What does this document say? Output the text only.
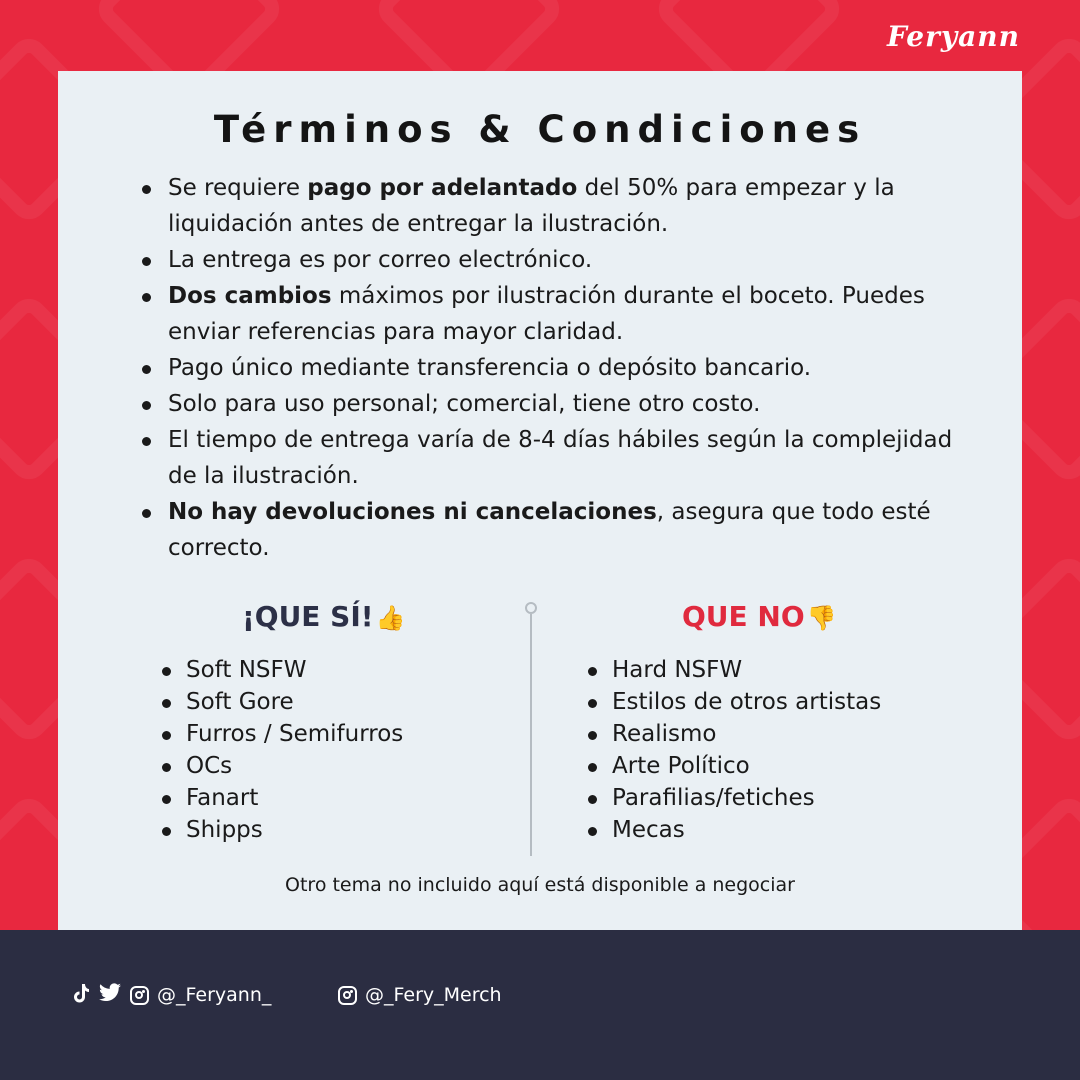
Feryann
Términos & Condiciones
Se requiere pago por adelantado del 50% para empezar y la liquidación antes de entregar la ilustración.
La entrega es por correo electrónico.
Dos cambios máximos por ilustración durante el boceto. Puedes enviar referencias para mayor claridad.
Pago único mediante transferencia o depósito bancario.
Solo para uso personal; comercial, tiene otro costo.
El tiempo de entrega varía de 8-4 días hábiles según la complejidad de la ilustración.
No hay devoluciones ni cancelaciones, asegura que todo esté correcto.
¡QUE SÍ!👍	QUE NO👎
Soft NSFW
Soft Gore
Furros / Semifurros
OCs
Fanart
Shipps
Hard NSFW
Estilos de otros artistas
Realismo
Arte Político
Parafilias/fetiches
Mecas
Otro tema no incluido aquí está disponible a negociar
@_Feryann_	@_Fery_Merch
